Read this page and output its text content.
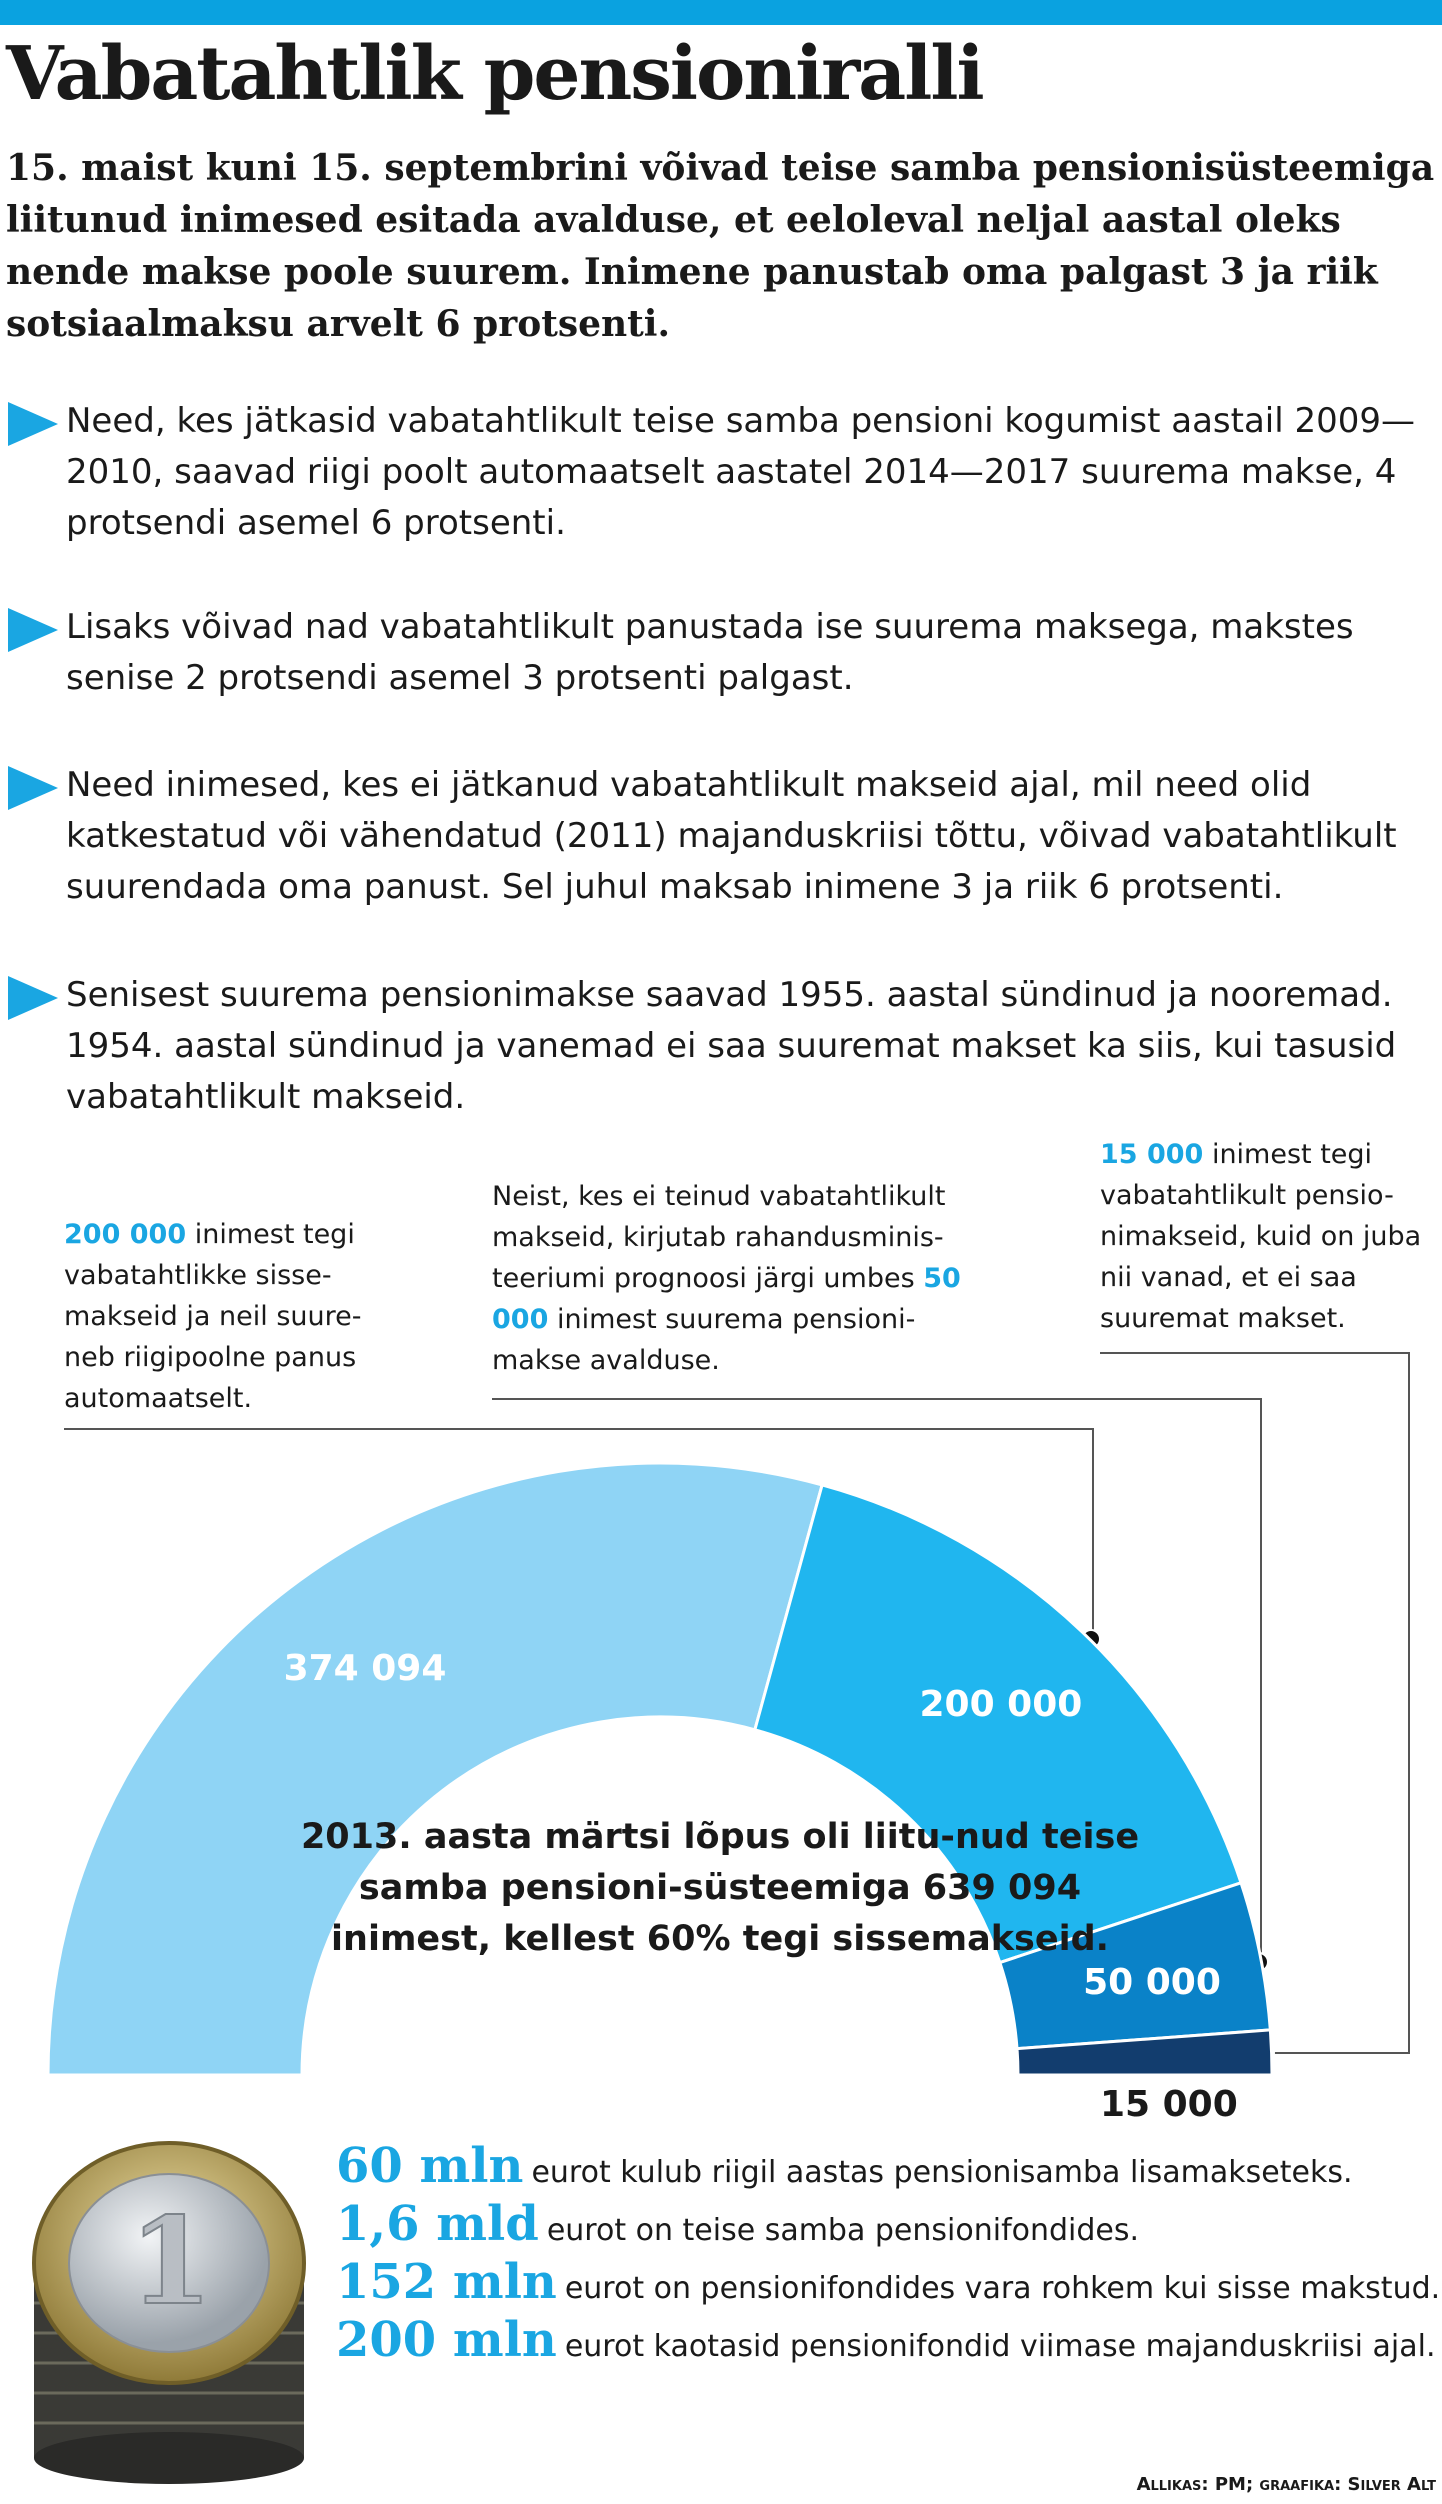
Vabatahtlik pensioniralli

15. maist kuni 15. septembrini võivad teise samba pensionisüsteemiga liitunud inimesed esitada avalduse, et eeloleval neljal aastal oleks nende makse poole suurem. Inimene panustab oma palgast 3 ja riik sotsiaalmaksu arvelt 6 protsenti.

Need, kes jätkasid vabatahtlikult teise samba pensioni kogumist aastail 2009—2010, saavad riigi poolt automaatselt aastatel 2014—2017 suurema makse, 4 protsendi asemel 6 protsenti.
Lisaks võivad nad vabatahtlikult panustada ise suurema maksega, makstes senise 2 protsendi asemel 3 protsenti palgast.
Need inimesed, kes ei jätkanud vabatahtlikult makseid ajal, mil need olid katkestatud või vähendatud (2011) majanduskriisi tõttu, võivad vabatahtlikult suurendada oma panust. Sel juhul maksab inimene 3 ja riik 6 protsenti.
Senisest suurema pensionimakse saavad 1955. aastal sündinud ja nooremad. 1954. aastal sündinud ja vanemad ei saa suuremat makset ka siis, kui tasusid vabatahtlikult makseid.
200 000 inimest tegi vabatahtlikke sisse-makseid ja neil suure-neb riigipoolne panus automaatselt.
Neist, kes ei teinud vabatahtlikult makseid, kirjutab rahandusminis-teeriumi prognoosi järgi umbes 50 000 inimest suurema pensioni-makse avalduse.
15 000 inimest tegi vabatahtlikult pensio-nimakseid, kuid on juba nii vanad, et ei saa suuremat makset.
374 094
200 000
50 000
2013. aasta märtsi lõpus oli liitu-nud teise samba pensioni-süsteemiga 639 094 inimest, kellest 60% tegi sissemakseid.
15 000
1
60 mln eurot kulub riigil aastas pensionisamba lisamakseteks.
1,6 mld eurot on teise samba pensionifondides.
152 mln eurot on pensionifondides vara rohkem kui sisse makstud.
200 mln eurot kaotasid pensionifondid viimase majanduskriisi ajal.
Allikas: PM; graafika: Silver Alt
